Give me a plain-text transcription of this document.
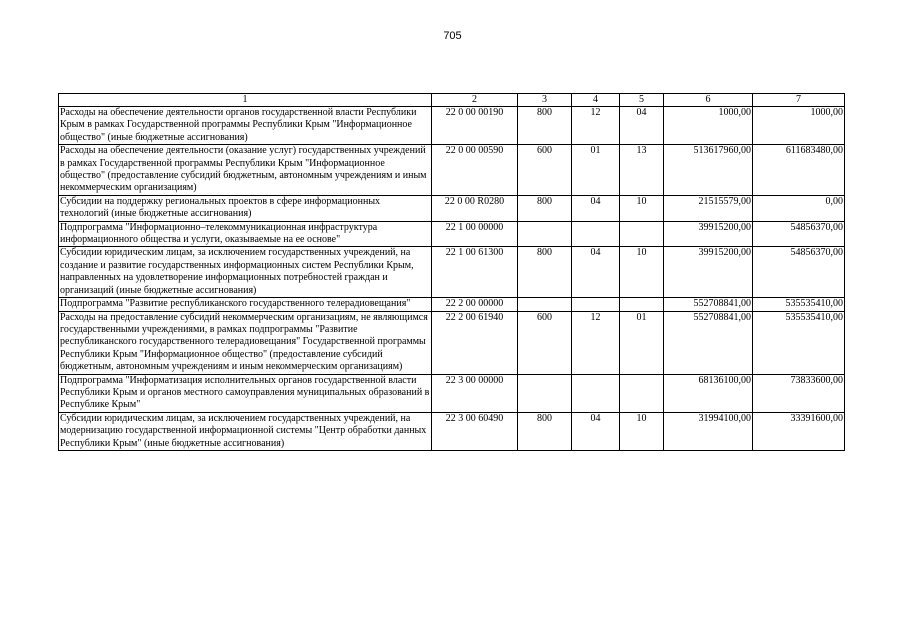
705
1	2	3	4	5	6	7
Расходы на обеспечение деятельности органов государственной власти Республики Крым в рамках Государственной программы Республики Крым "Информационное общество" (иные бюджетные ассигнования)	22 0 00 00190	800	12	04	1000,00	1000,00
Расходы на обеспечение деятельности (оказание услуг) государственных учреждений в рамках Государственной программы Республики Крым "Информационное общество" (предоставление субсидий бюджетным, автономным учреждениям и иным некоммерческим организациям)	22 0 00 00590	600	01	13	513617960,00	611683480,00
Субсидии на поддержку региональных проектов в сфере информационных технологий (иные бюджетные ассигнования)	22 0 00 R0280	800	04	10	21515579,00	0,00
Подпрограмма "Информационно–телекоммуникационная инфраструктура информационного общества и услуги, оказываемые на ее основе"	22 1 00 00000				39915200,00	54856370,00
Субсидии юридическим лицам, за исключением государственных учреждений, на создание и развитие государственных информационных систем Республики Крым, направленных на удовлетворение информационных потребностей граждан и организаций (иные бюджетные ассигнования)	22 1 00 61300	800	04	10	39915200,00	54856370,00
Подпрограмма "Развитие республиканского государственного телерадиовещания"	22 2 00 00000				552708841,00	535535410,00
Расходы на предоставление субсидий некоммерческим организациям, не являющимся государственными учреждениями, в рамках подпрограммы "Развитие республиканского государственного телерадиовещания" Государственной программы Республики Крым "Информационное общество" (предоставление субсидий бюджетным, автономным учреждениям и иным некоммерческим организациям)	22 2 00 61940	600	12	01	552708841,00	535535410,00
Подпрограмма "Информатизация исполнительных органов государственной власти Республики Крым и органов местного самоуправления муниципальных образований в Республике Крым"	22 3 00 00000				68136100,00	73833600,00
Субсидии юридическим лицам, за исключением государственных учреждений, на модернизацию государственной информационной системы "Центр обработки данных Республики Крым" (иные бюджетные ассигнования)	22 3 00 60490	800	04	10	31994100,00	33391600,00
